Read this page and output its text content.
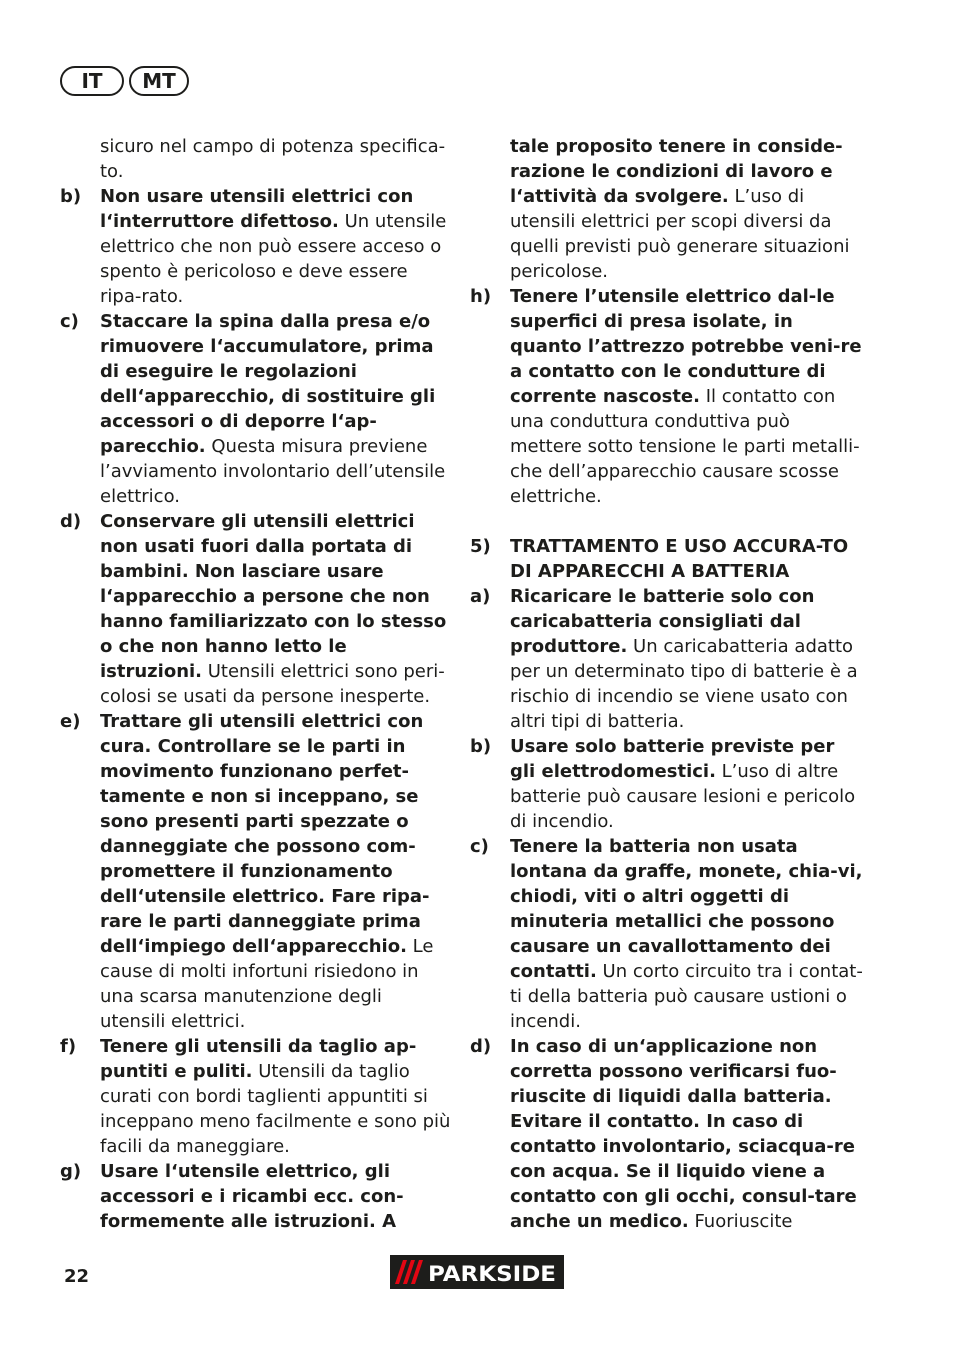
IT	MT
sicuro nel campo di potenza specifica-to.
b) Non usare utensili elettrici con l‘interruttore difettoso. Un utensile elettrico che non può essere acceso o spento è pericoloso e deve essere ripa-rato.
c) Staccare la spina dalla presa e/o rimuovere l‘accumulatore, prima di eseguire le regolazioni dell‘apparecchio, di sostituire gli accessori o di deporre l‘ap-parecchio. Questa misura previene l’avviamento involontario dell’utensile elettrico.
d) Conservare gli utensili elettrici non usati fuori dalla portata di bambini. Non lasciare usare l‘apparecchio a persone che non hanno familiarizzato con lo stesso o che non hanno letto le istruzioni. Utensili elettrici sono peri-colosi se usati da persone inesperte.
e) Trattare gli utensili elettrici con cura. Controllare se le parti in movimento funzionano perfet-tamente e non si inceppano, se sono presenti parti spezzate o danneggiate che possono com-promettere il funzionamento dell‘utensile elettrico. Fare ripa-rare le parti danneggiate prima dell‘impiego dell‘apparecchio. Le cause di molti infortuni risiedono in una scarsa manutenzione degli utensili elettrici.
f) Tenere gli utensili da taglio ap-puntiti e puliti. Utensili da taglio curati con bordi taglienti appuntiti si inceppano meno facilmente e sono più facili da maneggiare.
g) Usare l‘utensile elettrico, gli accessori e i ricambi ecc. con-formemente alle istruzioni. A
tale proposito tenere in conside-razione le condizioni di lavoro e l‘attività da svolgere. L’uso di utensili elettrici per scopi diversi da quelli previsti può generare situazioni pericolose.
h) Tenere l’utensile elettrico dal-le superfici di presa isolate, in quanto l’attrezzo potrebbe veni-re a contatto con le condutture di corrente nascoste. Il contatto con una conduttura conduttiva può mettere sotto tensione le parti metalli-che dell’apparecchio causare scosse elettriche.
5) TRATTAMENTO E USO ACCURA-TO DI APPARECCHI A BATTERIA
a) Ricaricare le batterie solo con caricabatteria consigliati dal produttore. Un caricabatteria adatto per un determinato tipo di batterie è a rischio di incendio se viene usato con altri tipi di batteria.
b) Usare solo batterie previste per gli elettrodomestici. L’uso di altre batterie può causare lesioni e pericolo di incendio.
c) Tenere la batteria non usata lontana da graffe, monete, chia-vi, chiodi, viti o altri oggetti di minuteria metallici che possono causare un cavallottamento dei contatti. Un corto circuito tra i contat-ti della batteria può causare ustioni o incendi.
d) In caso di un‘applicazione non corretta possono verificarsi fuo-riuscite di liquidi dalla batteria. Evitare il contatto. In caso di contatto involontario, sciacqua-re con acqua. Se il liquido viene a contatto con gli occhi, consul-tare anche un medico. Fuoriuscite
22	PARKSIDE
